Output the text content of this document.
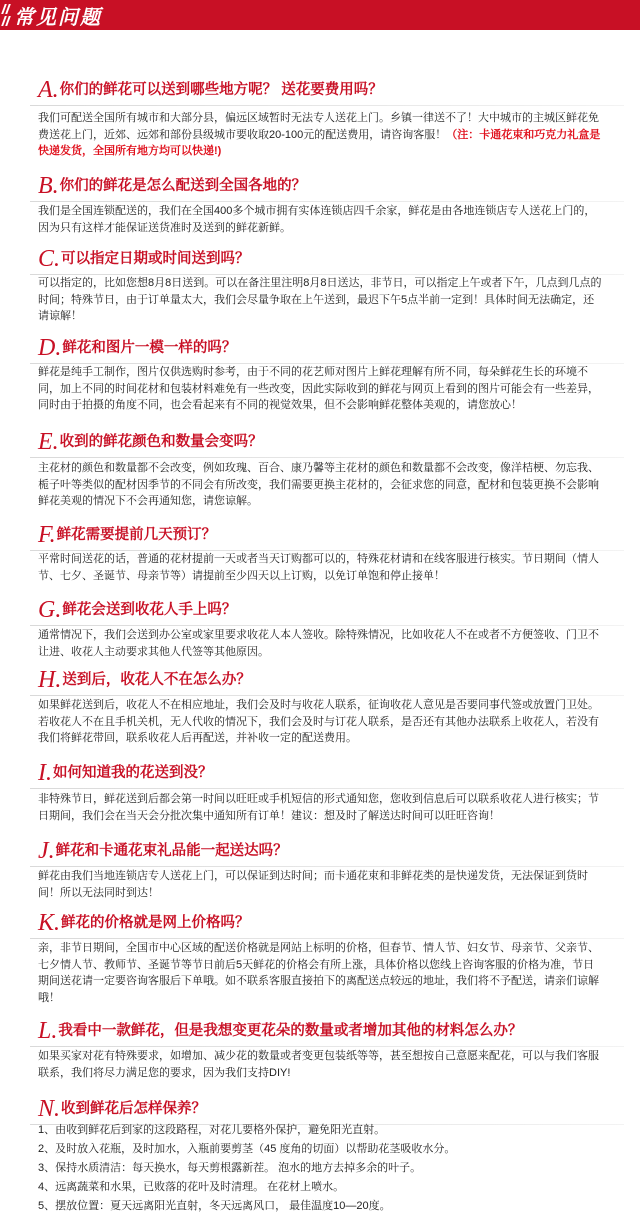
常见问题
A. 你们的鲜花可以送到哪些地方呢？ 送花要费用吗？

我们可配送全国所有城市和大部分县，偏远区域暂时无法专人送花上门。乡镇一律送不了！大中城市的主城区鲜花免费送花上门，近郊、远郊和部份县级城市要收取20-100元的配送费用，请咨询客服！（注：卡通花束和巧克力礼盒是快递发货，全国所有地方均可以快递!)

B. 你们的鲜花是怎么配送到全国各地的？

我们是全国连锁配送的，我们在全国400多个城市拥有实体连锁店四千余家，鲜花是由各地连锁店专人送花上门的，因为只有这样才能保证送货准时及送到的鲜花新鲜。

C. 可以指定日期或时间送到吗？

可以指定的，比如您想8月8日送到。可以在备注里注明8月8日送达，非节日，可以指定上午或者下午，几点到几点的时间；特殊节日，由于订单量太大，我们会尽量争取在上午送到，最迟下午5点半前一定到！具体时间无法确定，还请谅解！

D. 鲜花和图片一模一样的吗？

鲜花是纯手工制作，图片仅供选购时参考，由于不同的花艺师对图片上鲜花理解有所不同，每朵鲜花生长的环境不同，加上不同的时间花材和包装材料难免有一些改变，因此实际收到的鲜花与网页上看到的图片可能会有一些差异，同时由于拍摄的角度不同，也会看起来有不同的视觉效果，但不会影响鲜花整体美观的，请您放心！

E. 收到的鲜花颜色和数量会变吗？

主花材的颜色和数量都不会改变，例如玫瑰、百合、康乃馨等主花材的颜色和数量都不会改变，像洋桔梗、勿忘我、栀子叶等类似的配材因季节的不同会有所改变，我们需要更换主花材的，会征求您的同意，配材和包装更换不会影响鲜花美观的情况下不会再通知您，请您谅解。

F. 鲜花需要提前几天预订？

平常时间送花的话，普通的花材提前一天或者当天订购都可以的，特殊花材请和在线客服进行核实。节日期间（情人节、七夕、圣诞节、母亲节等）请提前至少四天以上订购，以免订单饱和停止接单！

G. 鲜花会送到收花人手上吗？

通常情况下，我们会送到办公室或家里要求收花人本人签收。除特殊情况，比如收花人不在或者不方便签收、门卫不让进、收花人主动要求其他人代签等其他原因。

H. 送到后，收花人不在怎么办？

如果鲜花送到后，收花人不在相应地址，我们会及时与收花人联系，征询收花人意见是否要同事代签或放置门卫处。若收花人不在且手机关机，无人代收的情况下，我们会及时与订花人联系，是否还有其他办法联系上收花人，若没有我们将鲜花带回，联系收花人后再配送，并补收一定的配送费用。

I. 如何知道我的花送到没？

非特殊节日，鲜花送到后都会第一时间以旺旺或手机短信的形式通知您，您收到信息后可以联系收花人进行核实；节日期间，我们会在当天会分批次集中通知所有订单！建议：想及时了解送达时间可以旺旺咨询！

J. 鲜花和卡通花束礼品能一起送达吗？

鲜花由我们当地连锁店专人送花上门，可以保证到达时间；而卡通花束和非鲜花类的是快递发货，无法保证到货时间！所以无法同时到达！

K. 鲜花的价格就是网上价格吗？

亲，非节日期间，全国市中心区域的配送价格就是网站上标明的价格，但春节、情人节、妇女节、母亲节、父亲节、七夕情人节、教师节、圣诞节等节日前后5天鲜花的价格会有所上涨，具体价格以您线上咨询客服的价格为准，节日期间送花请一定要咨询客服后下单哦。如不联系客服直接拍下的离配送点较远的地址，我们将不予配送，请亲们谅解哦！

L. 我看中一款鲜花，但是我想变更花朵的数量或者增加其他的材料怎么办？

如果买家对花有特殊要求，如增加、减少花的数量或者变更包装纸等等，甚至想按自己意愿来配花，可以与我们客服联系，我们将尽力满足您的要求，因为我们支持DIY!

N. 收到鲜花后怎样保养？
1、由收到鲜花后到家的这段路程，对花儿要格外保护，避免阳光直射。
2、及时放入花瓶，及时加水，入瓶前要剪茎（45 度角的切面）以帮助花茎吸收水分。
3、保持水质清洁：每天换水，每天剪根露新茬。 泡水的地方去掉多余的叶子。
4、远离蔬菜和水果，已败落的花叶及时清理。 在花材上喷水。
5、摆放位置：夏天远离阳光直射，冬天远离风口， 最佳温度10—20度。
